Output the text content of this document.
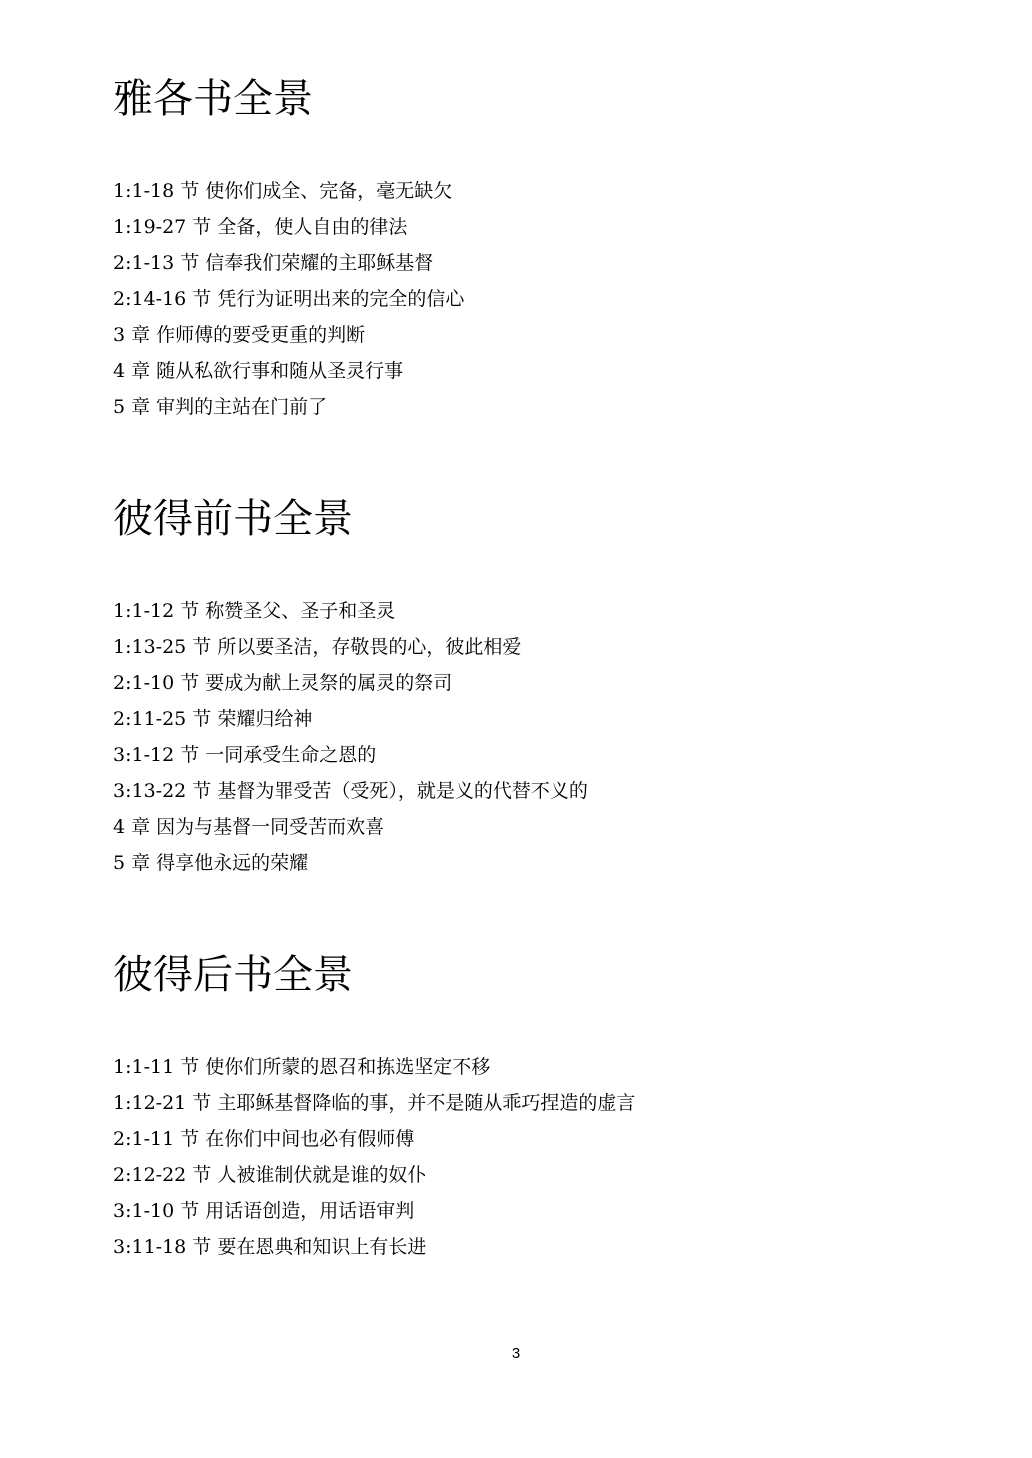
雅各书全景
1:1-18 节 使你们成全、完备，毫无缺欠
1:19-27 节 全备，使人自由的律法
2:1-13 节 信奉我们荣耀的主耶稣基督
2:14-16 节 凭行为证明出来的完全的信心
3 章 作师傅的要受更重的判断
4 章 随从私欲行事和随从圣灵行事
5 章 审判的主站在门前了
彼得前书全景
1:1-12 节 称赞圣父、圣子和圣灵
1:13-25 节 所以要圣洁，存敬畏的心，彼此相爱
2:1-10 节 要成为献上灵祭的属灵的祭司
2:11-25 节 荣耀归给神
3:1-12 节 一同承受生命之恩的
3:13-22 节 基督为罪受苦（受死），就是义的代替不义的
4 章 因为与基督一同受苦而欢喜
5 章 得享他永远的荣耀
彼得后书全景
1:1-11 节 使你们所蒙的恩召和拣选坚定不移
1:12-21 节 主耶稣基督降临的事，并不是随从乖巧捏造的虚言
2:1-11 节 在你们中间也必有假师傅
2:12-22 节 人被谁制伏就是谁的奴仆
3:1-10 节 用话语创造，用话语审判
3:11-18 节 要在恩典和知识上有长进
3
